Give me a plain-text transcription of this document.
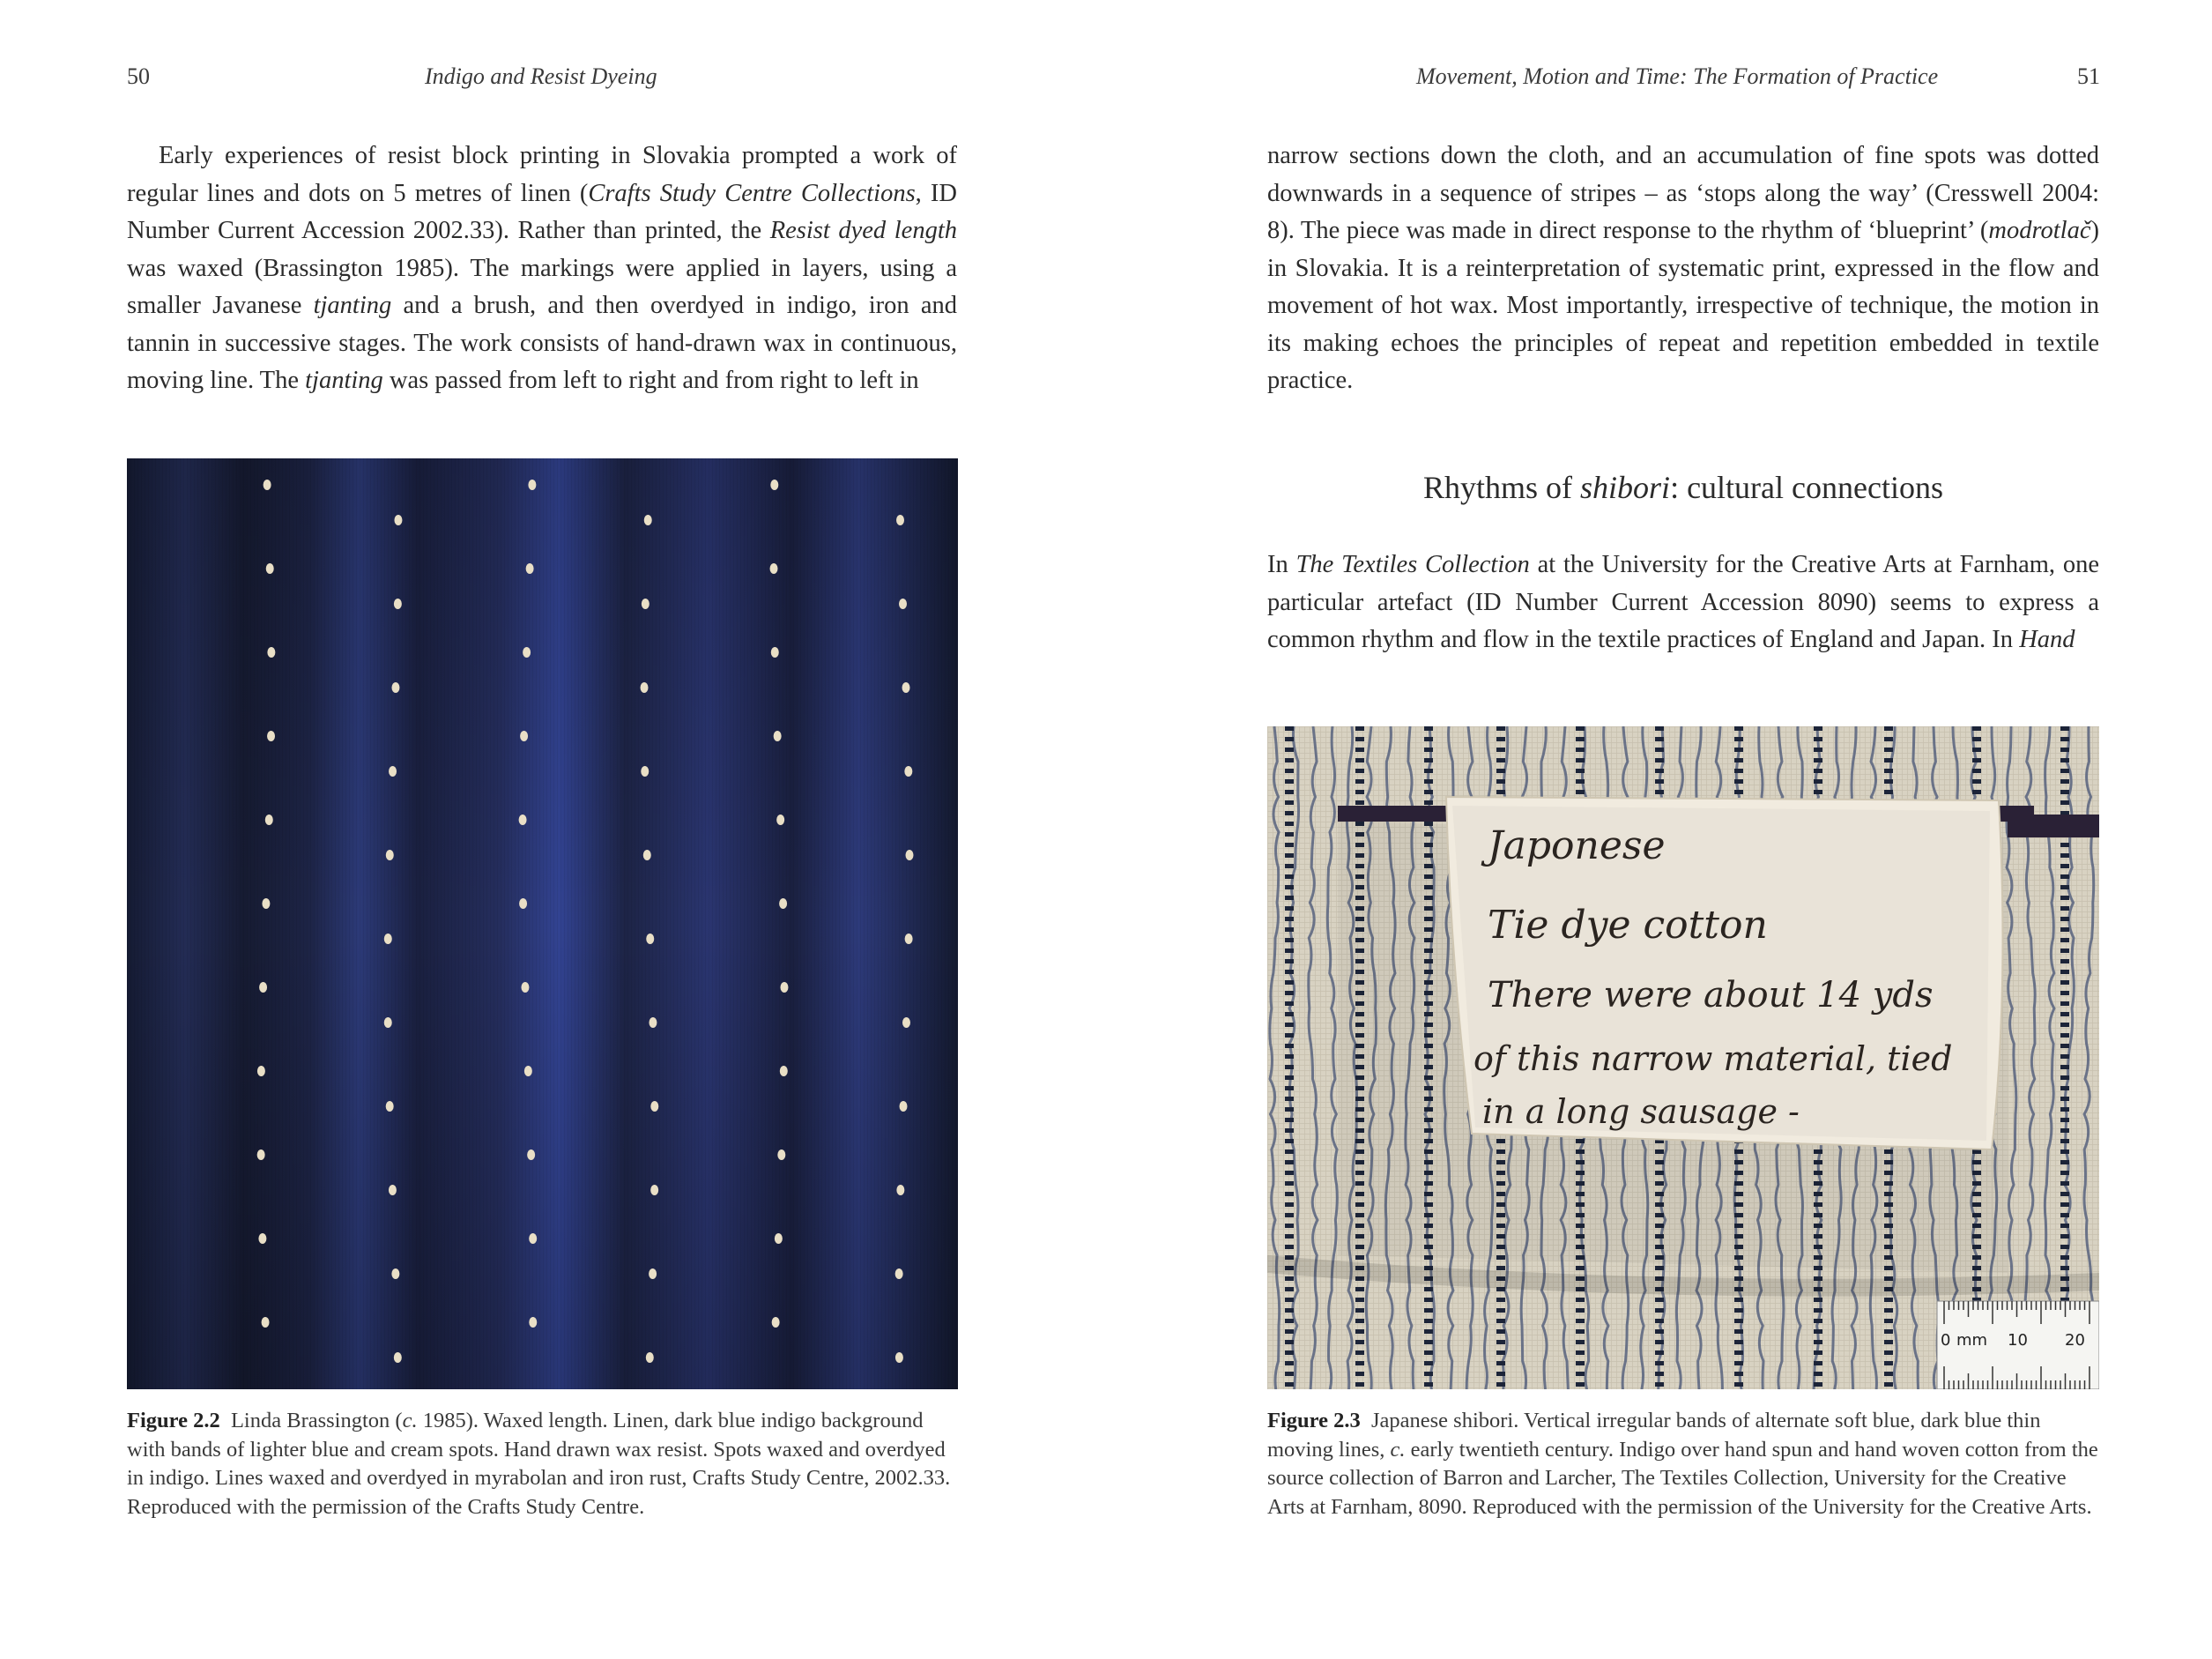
50	Indigo and Resist Dyeing

Early experiences of resist block printing in Slovakia prompted a work of regular lines and dots on 5 metres of linen (Crafts Study Centre Collections, ID Number Current Accession 2002.33). Rather than printed, the Resist dyed length was waxed (Brassington 1985). The markings were applied in layers, using a smaller Javanese tjanting and a brush, and then overdyed in indigo, iron and tannin in successive stages. The work consists of hand-drawn wax in continuous, moving line. The tjanting was passed from left to right and from right to left in

Figure 2.2 Linda Brassington (c. 1985). Waxed length. Linen, dark blue indigo background with bands of lighter blue and cream spots. Hand drawn wax resist. Spots waxed and overdyed in indigo. Lines waxed and overdyed in myrabolan and iron rust, Crafts Study Centre, 2002.33. Reproduced with the permission of the Crafts Study Centre.
Movement, Motion and Time: The Formation of Practice	51

narrow sections down the cloth, and an accumulation of fine spots was dotted downwards in a sequence of stripes – as ‘stops along the way’ (Cresswell 2004: 8). The piece was made in direct response to the rhythm of ‘blueprint’ (modrotlač) in Slovakia. It is a reinterpretation of systematic print, expressed in the flow and movement of hot wax. Most importantly, irrespective of technique, the motion in its making echoes the principles of repeat and repetition embedded in textile practice.

Rhythms of shibori: cultural connections

In The Textiles Collection at the University for the Creative Arts at Farnham, one particular artefact (ID Number Current Accession 8090) seems to express a common rhythm and flow in the textile practices of England and Japan. In Hand

Japonese
Tie dye cotton
There were about 14 yds
of this narrow material, tied
in a long sausage -
0 mm 10 20
Figure 2.3 Japanese shibori. Vertical irregular bands of alternate soft blue, dark blue thin moving lines, c. early twentieth century. Indigo over hand spun and hand woven cotton from the source collection of Barron and Larcher, The Textiles Collection, University for the Creative Arts at Farnham, 8090. Reproduced with the permission of the University for the Creative Arts.
